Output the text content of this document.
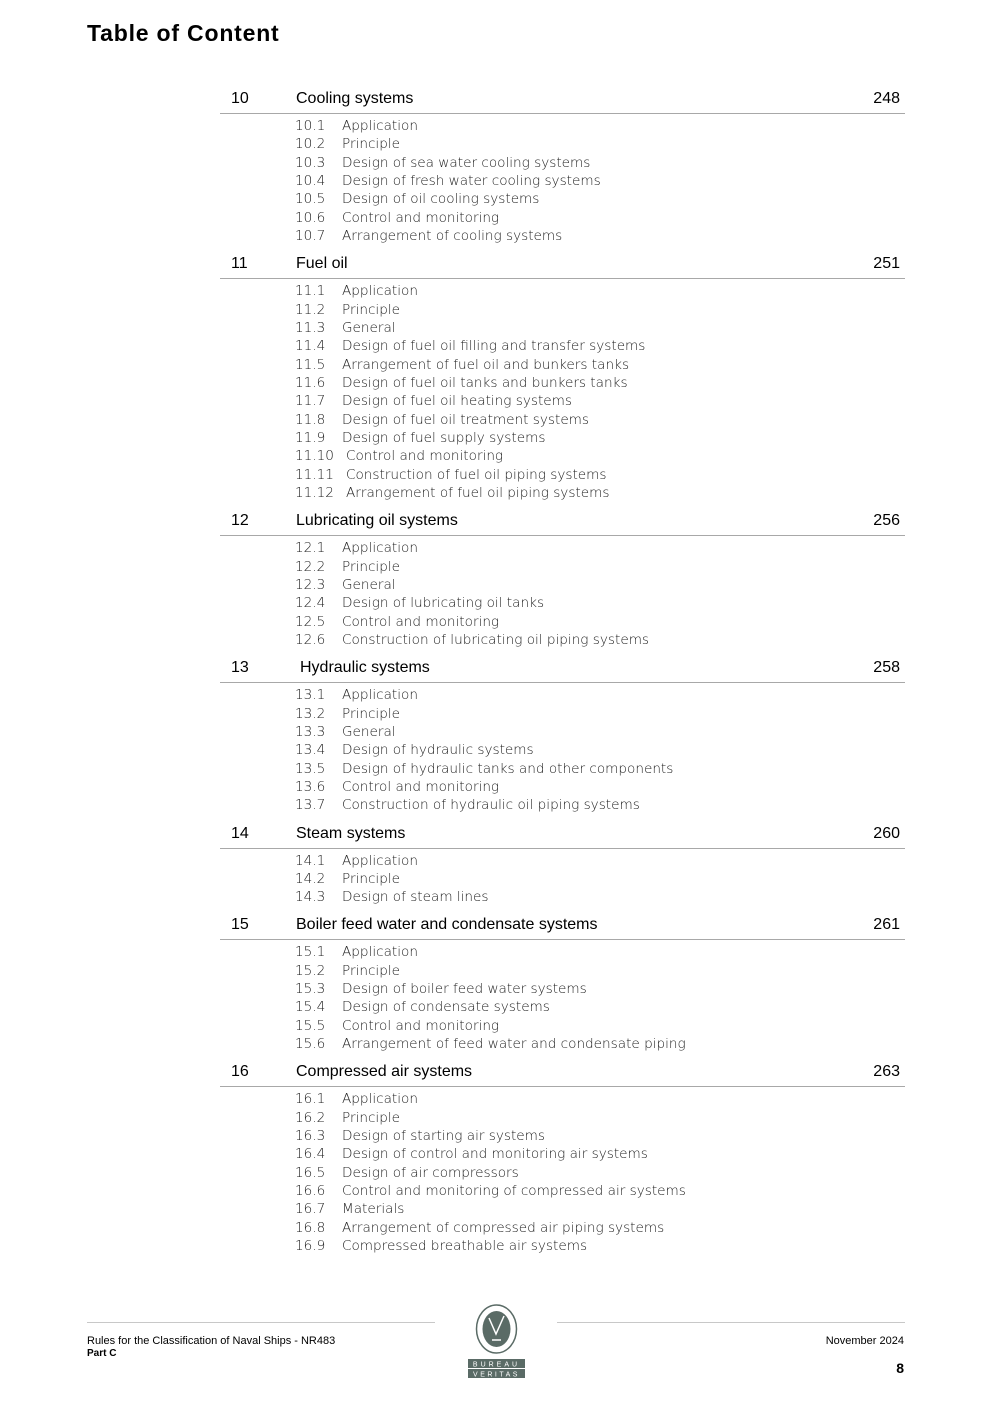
Table of Content
10	Cooling systems	248
10.1 Application
10.2 Principle
10.3 Design of sea water cooling systems
10.4 Design of fresh water cooling systems
10.5 Design of oil cooling systems
10.6 Control and monitoring
10.7 Arrangement of cooling systems
11	Fuel oil	251
11.1 Application
11.2 Principle
11.3 General
11.4 Design of fuel oil filling and transfer systems
11.5 Arrangement of fuel oil and bunkers tanks
11.6 Design of fuel oil tanks and bunkers tanks
11.7 Design of fuel oil heating systems
11.8 Design of fuel oil treatment systems
11.9 Design of fuel supply systems
11.10 Control and monitoring
11.11 Construction of fuel oil piping systems
11.12 Arrangement of fuel oil piping systems
12	Lubricating oil systems	256
12.1 Application
12.2 Principle
12.3 General
12.4 Design of lubricating oil tanks
12.5 Control and monitoring
12.6 Construction of lubricating oil piping systems
13	Hydraulic systems	258
13.1 Application
13.2 Principle
13.3 General
13.4 Design of hydraulic systems
13.5 Design of hydraulic tanks and other components
13.6 Control and monitoring
13.7 Construction of hydraulic oil piping systems
14	Steam systems	260
14.1 Application
14.2 Principle
14.3 Design of steam lines
15	Boiler feed water and condensate systems	261
15.1 Application
15.2 Principle
15.3 Design of boiler feed water systems
15.4 Design of condensate systems
15.5 Control and monitoring
15.6 Arrangement of feed water and condensate piping
16	Compressed air systems	263
16.1 Application
16.2 Principle
16.3 Design of starting air systems
16.4 Design of control and monitoring air systems
16.5 Design of air compressors
16.6 Control and monitoring of compressed air systems
16.7 Materials
16.8 Arrangement of compressed air piping systems
16.9 Compressed breathable air systems
Rules for the Classification of Naval Ships - NR483
Part C
November 2024
8
BUREAU
VERITAS
